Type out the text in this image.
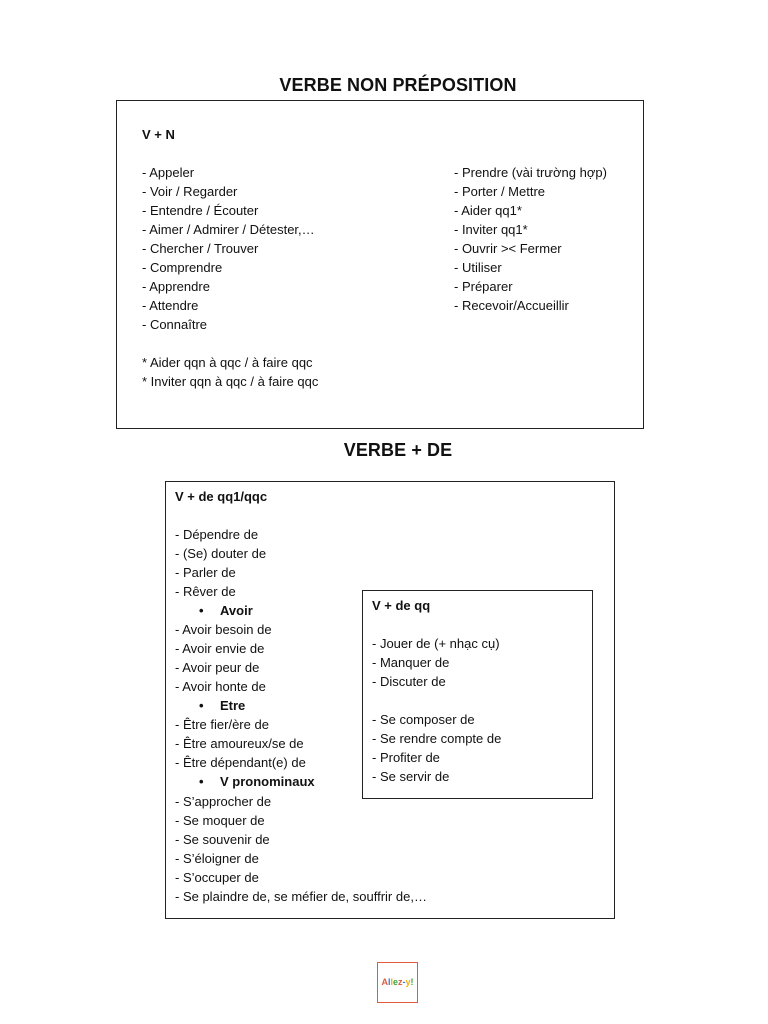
VERBE NON PRÉPOSITION
V + N
- Appeler
- Voir / Regarder
- Entendre / Écouter
- Aimer / Admirer / Détester,…
- Chercher / Trouver
- Comprendre
- Apprendre
- Attendre
- Connaître
- Prendre (vài trường hợp)
- Porter / Mettre
- Aider qq1*
- Inviter qq1*
- Ouvrir >< Fermer
- Utiliser
- Préparer
- Recevoir/Accueillir
* Aider qqn à qqc / à faire qqc
* Inviter qqn à qqc / à faire qqc
VERBE + DE
V + de qq1/qqc
- Dépendre de
- (Se) douter de
- Parler de
- Rêver de
• Avoir
- Avoir besoin de
- Avoir envie de
- Avoir peur de
- Avoir honte de
• Etre
- Être fier/ère de
- Être amoureux/se de
- Être dépendant(e) de
• V pronominaux
- S’approcher de
- Se moquer de
- Se souvenir de
- S’éloigner de
- S’occuper de
- Se plaindre de, se méfier de, souffrir de,…
V + de qq
- Jouer de (+ nhạc cụ)
- Manquer de
- Discuter de
- Se composer de
- Se rendre compte de
- Profiter de
- Se servir de
Allez-y!
